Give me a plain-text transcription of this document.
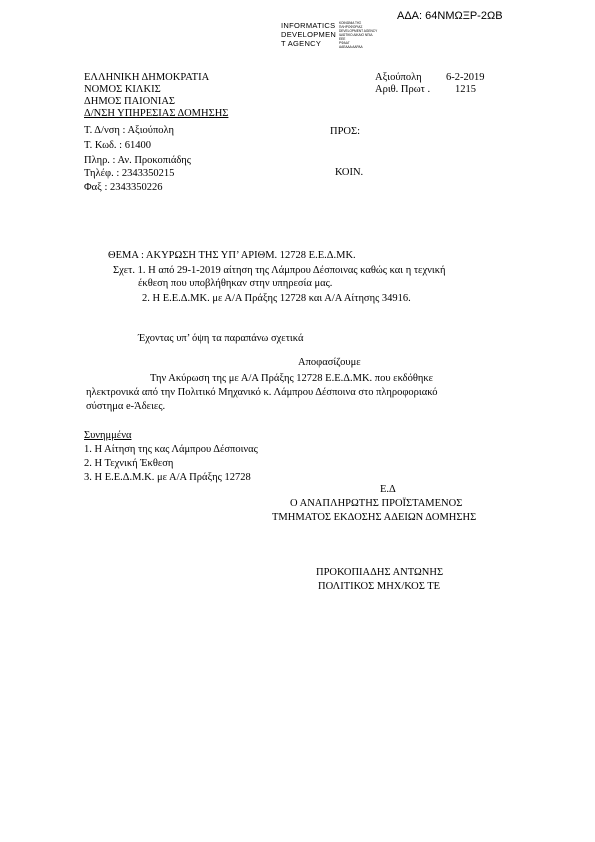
ΑΔΑ: 64ΝΜΩΞΡ-2ΩΒ
INFORMATICS
DEVELOPMEN
T AGENCY
ΚΟΙΝΩΝΙΑ ΤΗΣ
ΠΛΗΡΟΦΟΡΙΑΣ
DEVELOPMENT AGENCY
ΙΔΙΩΤΙΚΟ ΔΙΚΑΙΟ ΝΠΙΔ
ΕΕΕ
ΡΦΑΑΓ
ΑΑΕΑΑΑ ΑΑΡΑΑ
ΕΛΛΗΝΙΚΗ ΔΗΜΟΚΡΑΤΙΑ
ΝΟΜΟΣ ΚΙΛΚΙΣ
ΔΗΜΟΣ ΠΑΙΟΝΙΑΣ
Δ/ΝΣΗ ΥΠΗΡΕΣΙΑΣ ΔΟΜΗΣΗΣ
Τ. Δ/νση : Αξιούπολη
Τ. Κωδ. : 61400
Πληρ. : Αν. Προκοπιάδης
Τηλέφ. : 2343350215
Φαξ : 2343350226
Αξιούπολη 6-2-2019
Αριθ. Πρωτ . 1215
ΠΡΟΣ:
ΚΟΙΝ.
ΘΕΜΑ : ΑΚΥΡΩΣΗ ΤΗΣ ΥΠ’ ΑΡΙΘΜ. 12728 Ε.Ε.Δ.ΜΚ.
Σχετ. 1. Η από 29-1-2019 αίτηση της Λάμπρου Δέσποινας καθώς και η τεχνική
έκθεση που υποβλήθηκαν στην υπηρεσία μας.
2. Η Ε.Ε.Δ.ΜΚ. με Α/Α Πράξης 12728 και Α/Α Αίτησης 34916.
Έχοντας υπ’ όψη τα παραπάνω σχετικά
Αποφασίζουμε
Την Ακύρωση της με Α/Α Πράξης 12728 Ε.Ε.Δ.ΜΚ. που εκδόθηκε
ηλεκτρονικά από την Πολιτικό Μηχανικό κ. Λάμπρου Δέσποινα στο πληροφοριακό
σύστημα e-Άδειες.
Συνημμένα
1. Η Αίτηση της κας Λάμπρου Δέσποινας
2. Η Τεχνική Έκθεση
3. Η Ε.Ε.Δ.Μ.Κ. με Α/Α Πράξης 12728
Ε.Δ
Ο ΑΝΑΠΛΗΡΩΤΗΣ ΠΡΟΪΣΤΑΜΕΝΟΣ
ΤΜΗΜΑΤΟΣ ΕΚΔΟΣΗΣ ΑΔΕΙΩΝ ΔΟΜΗΣΗΣ
ΠΡΟΚΟΠΙΑΔΗΣ ΑΝΤΩΝΗΣ
ΠΟΛΙΤΙΚΟΣ ΜΗΧ/ΚΟΣ ΤΕ
